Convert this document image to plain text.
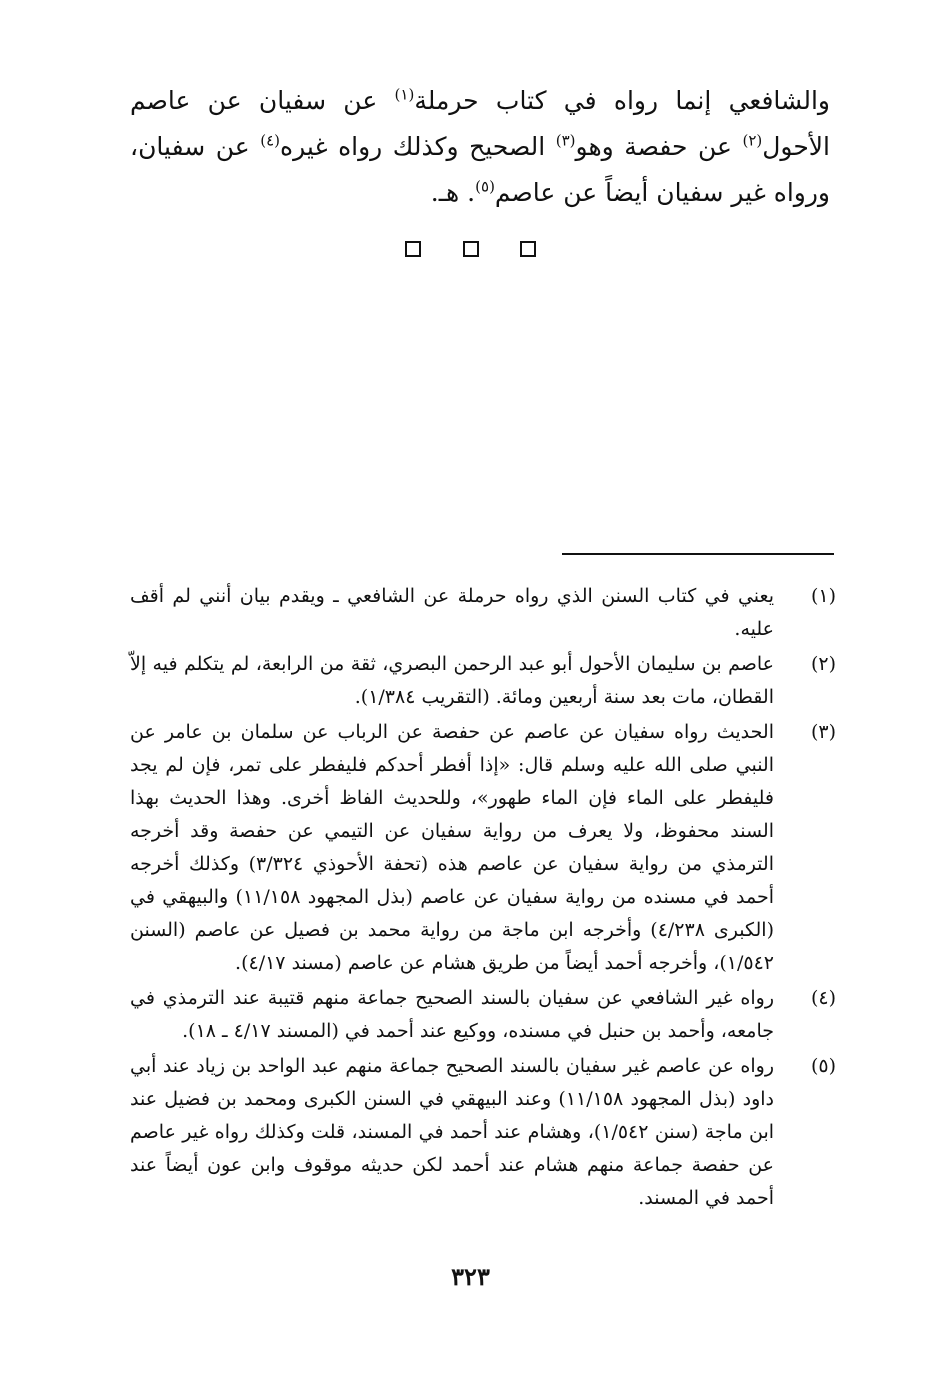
والشافعي إنما رواه في كتاب حرملة$^{(١)}$ عن سفيان عن عاصم الأحول$^{(٢)}$ عن حفصة وهو$^{(٣)}$ الصحيح وكذلك رواه غيره$^{(٤)}$ عن سفيان، ورواه غير سفيان أيضاً عن عاصم$^{(٥)}$. هـ.

(١)
يعني في كتاب السنن الذي رواه حرملة عن الشافعي ـ ويقدم بيان أنني لم أقف عليه.
(٢)
عاصم بن سليمان الأحول أبو عبد الرحمن البصري، ثقة من الرابعة، لم يتكلم فيه إلاّ القطان، مات بعد سنة أربعين ومائة. (التقريب ١/٣٨٤).
(٣)
الحديث رواه سفيان عن عاصم عن حفصة عن الرباب عن سلمان بن عامر عن النبي صلى الله عليه وسلم قال: «إذا أفطر أحدكم فليفطر على تمر، فإن لم يجد فليفطر على الماء فإن الماء طهور»، وللحديث الفاظ أخرى. وهذا الحديث بهذا السند محفوظ، ولا يعرف من رواية سفيان عن التيمي عن حفصة وقد أخرجه الترمذي من رواية سفيان عن عاصم هذه (تحفة الأحوذي ٣/٣٢٤) وكذلك أخرجه أحمد في مسنده من رواية سفيان عن عاصم (بذل المجهود ١١/١٥٨) والبيهقي في (الكبرى ٤/٢٣٨) وأخرجه ابن ماجة من رواية محمد بن فصيل عن عاصم (السنن ١/٥٤٢)، وأخرجه أحمد أيضاً من طريق هشام عن عاصم (مسند ٤/١٧).
(٤)
رواه غير الشافعي عن سفيان بالسند الصحيح جماعة منهم قتيبة عند الترمذي في جامعه، وأحمد بن حنبل في مسنده، ووكيع عند أحمد في (المسند ٤/١٧ ـ ١٨).
(٥)
رواه عن عاصم غير سفيان بالسند الصحيح جماعة منهم عبد الواحد بن زياد عند أبي داود (بذل المجهود ١١/١٥٨) وعند البيهقي في السنن الكبرى ومحمد بن فضيل عند ابن ماجة (سنن ١/٥٤٢)، وهشام عند أحمد في المسند، قلت وكذلك رواه غير عاصم عن حفصة جماعة منهم هشام عند أحمد لكن حديثه موقوف وابن عون أيضاً عند أحمد في المسند.
٣٢٣
